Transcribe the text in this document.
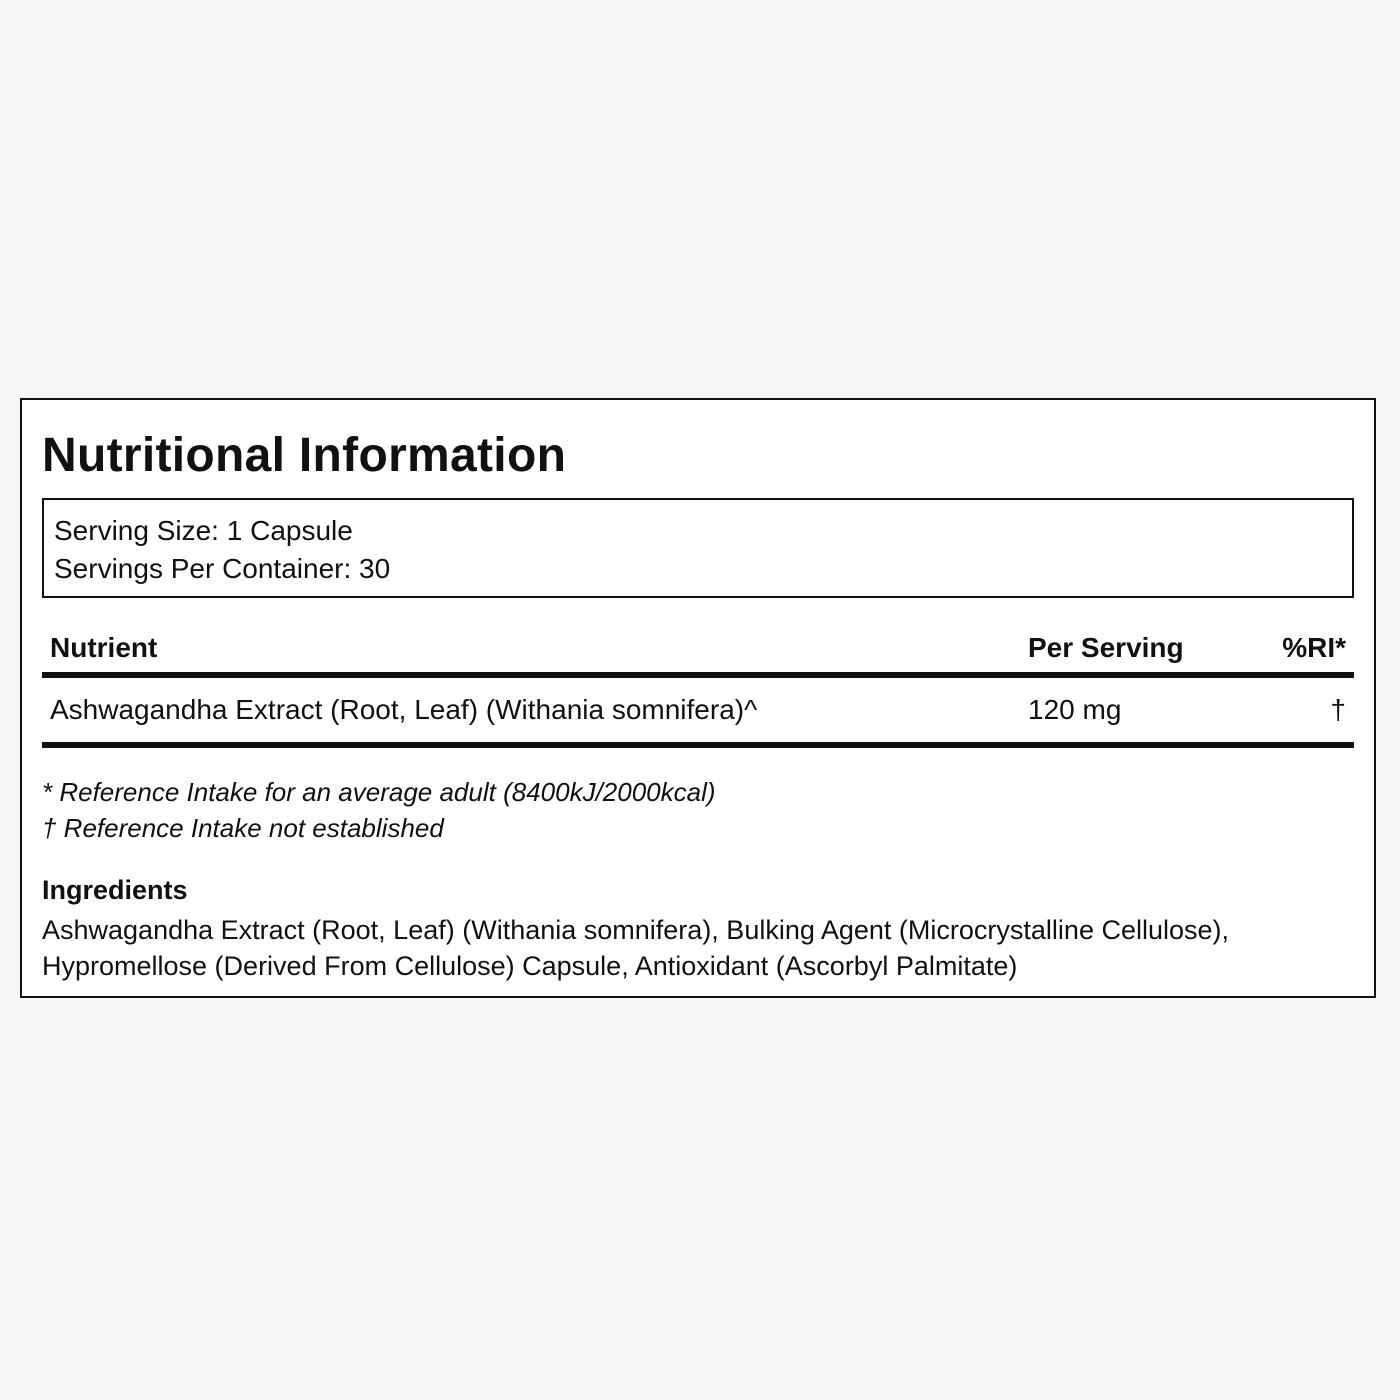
Nutritional Information
Serving Size: 1 Capsule
Servings Per Container: 30
Nutrient	Per Serving	%RI*
Ashwagandha Extract (Root, Leaf) (Withania somnifera)^	120 mg	†
* Reference Intake for an average adult (8400kJ/2000kcal)
† Reference Intake not established
Ingredients

Ashwagandha Extract (Root, Leaf) (Withania somnifera), Bulking Agent (Microcrystalline Cellulose), Hypromellose (Derived From Cellulose) Capsule, Antioxidant (Ascorbyl Palmitate)
